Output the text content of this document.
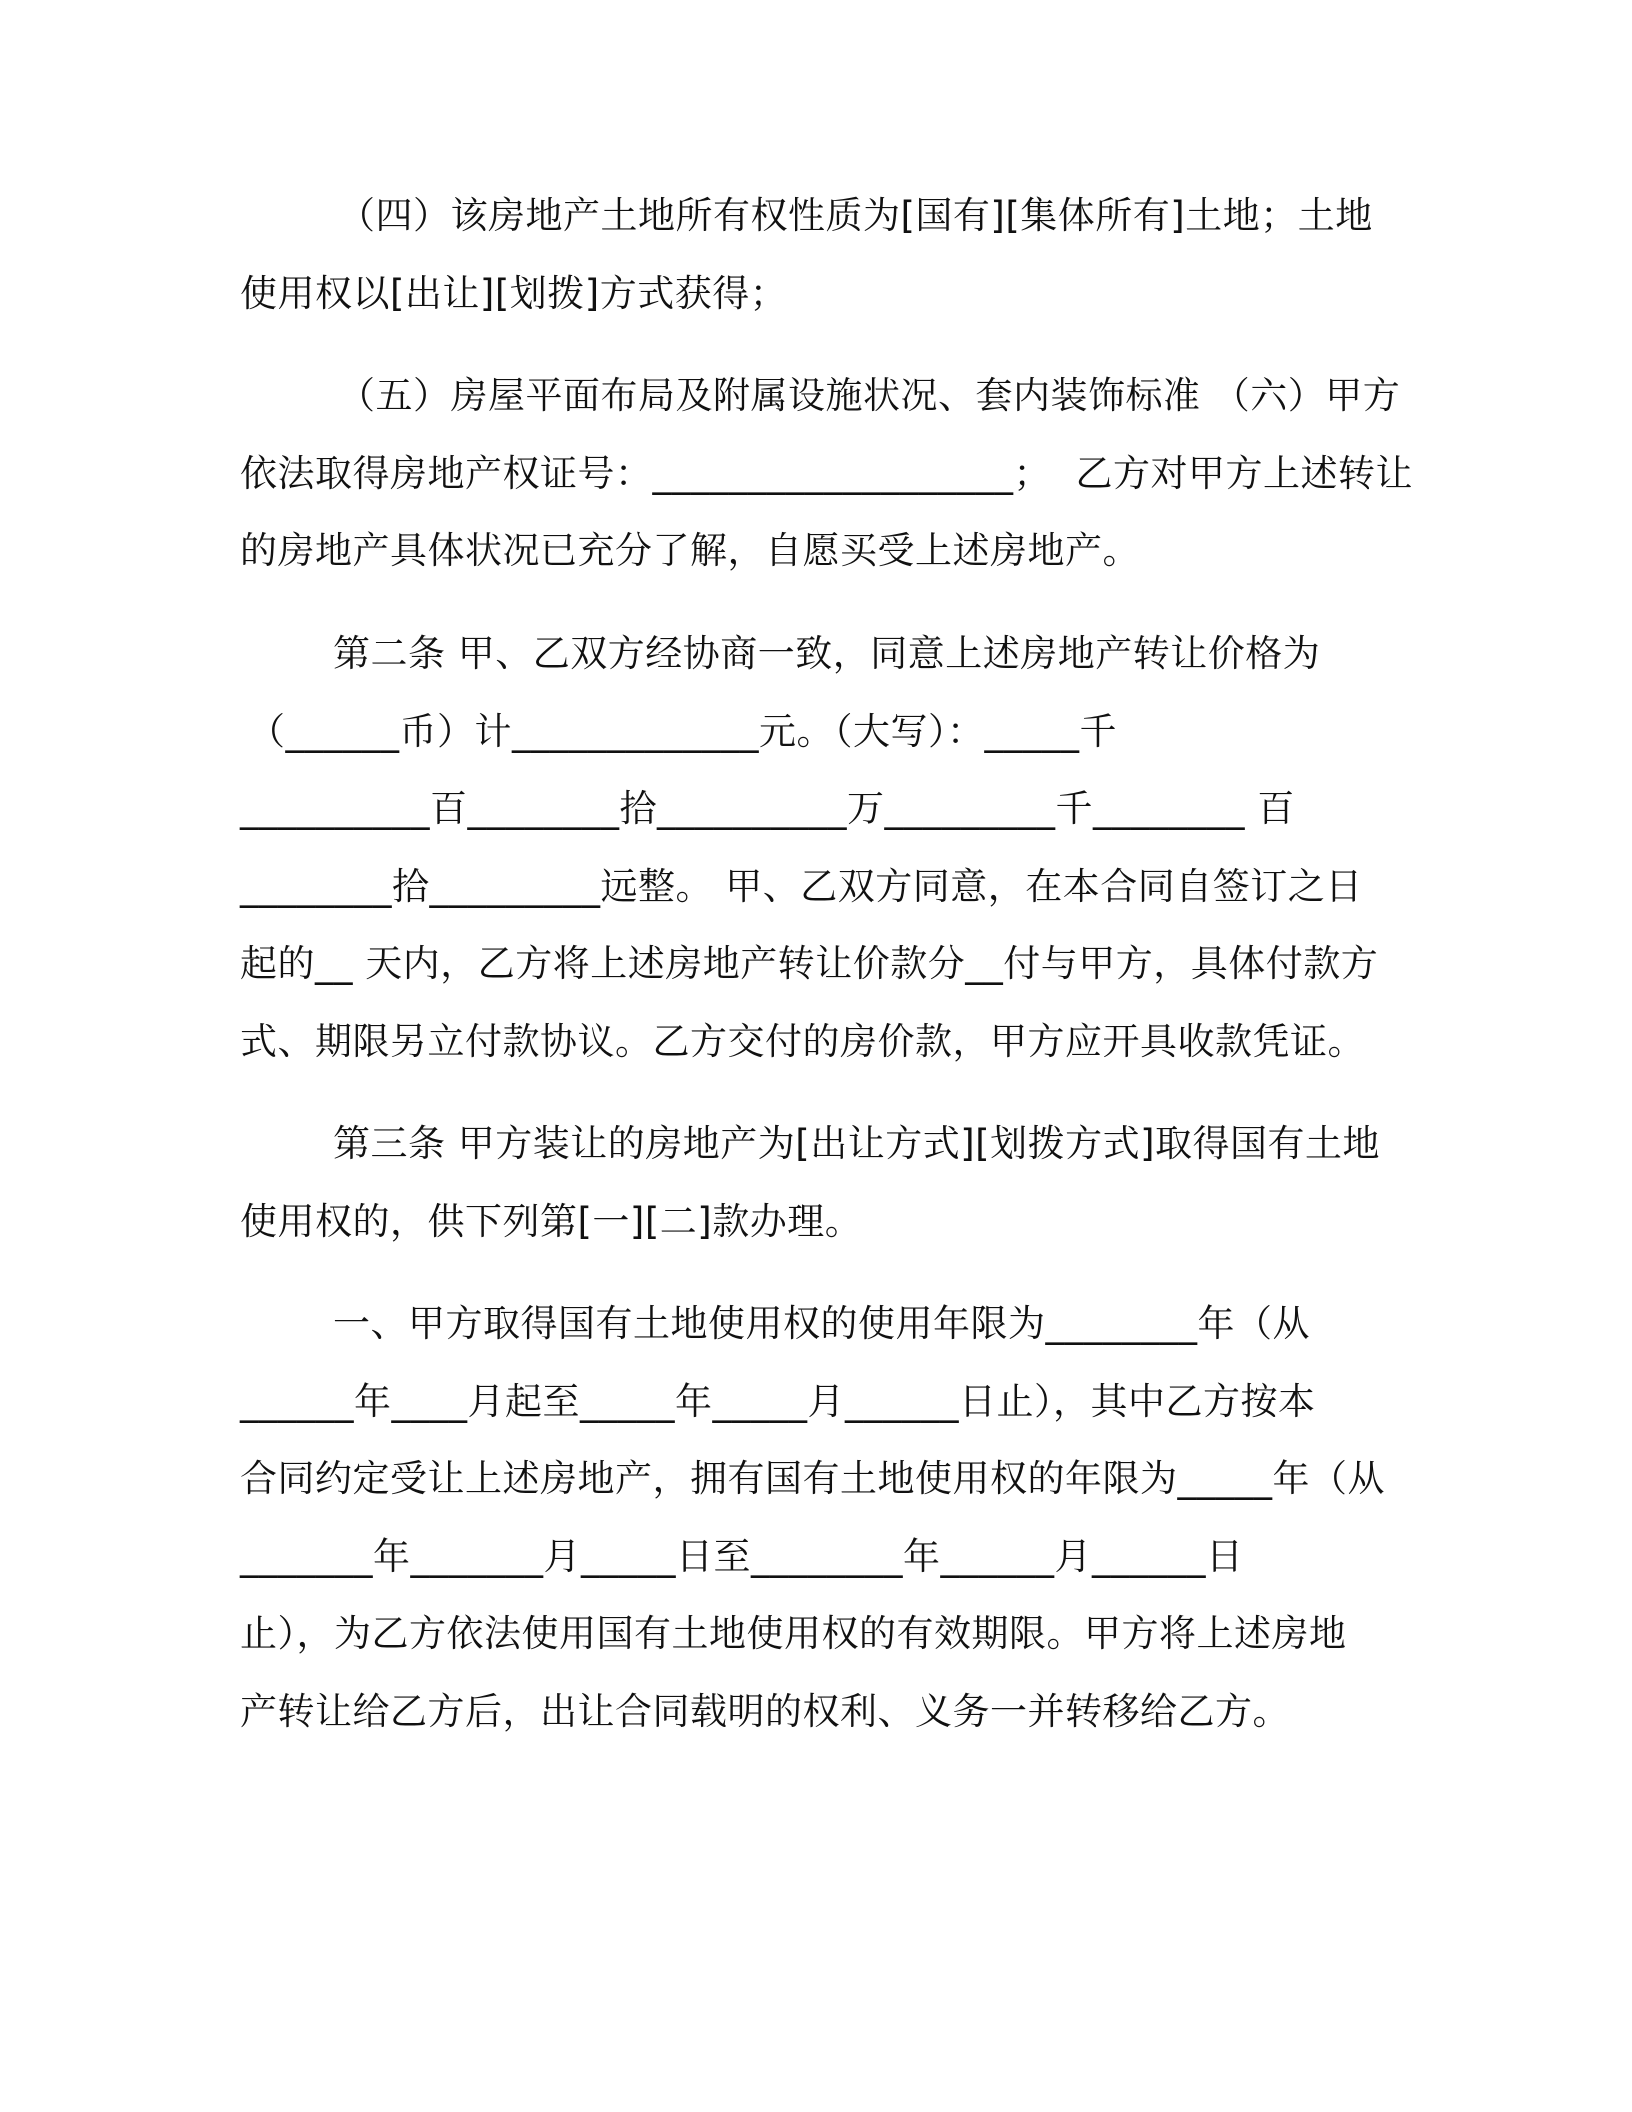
（四）该房地产土地所有权性质为[国有][集体所有]土地；土地
使用权以[出让][划拨]方式获得；
（五）房屋平面布局及附属设施状况、套内装饰标准 （六）甲方
依法取得房地产权证号：___________________；  乙方对甲方上述转让
的房地产具体状况已充分了解，自愿买受上述房地产。
第二条 甲、乙双方经协商一致，同意上述房地产转让价格为
（______币）计_____________元。（大写）：_____千
__________百________拾__________万_________千________ 百
________拾_________远整。 甲、乙双方同意，在本合同自签订之日
起的__ 天内，乙方将上述房地产转让价款分__付与甲方，具体付款方
式、期限另立付款协议。乙方交付的房价款，甲方应开具收款凭证。
第三条 甲方装让的房地产为[出让方式][划拨方式]取得国有土地
使用权的，供下列第[一][二]款办理。
一、甲方取得国有土地使用权的使用年限为________年（从
______年____月起至_____年_____月______日止），其中乙方按本
合同约定受让上述房地产，拥有国有土地使用权的年限为_____年（从
_______年_______月_____日至________年______月______日
止），为乙方依法使用国有土地使用权的有效期限。甲方将上述房地
产转让给乙方后，出让合同载明的权利、义务一并转移给乙方。
